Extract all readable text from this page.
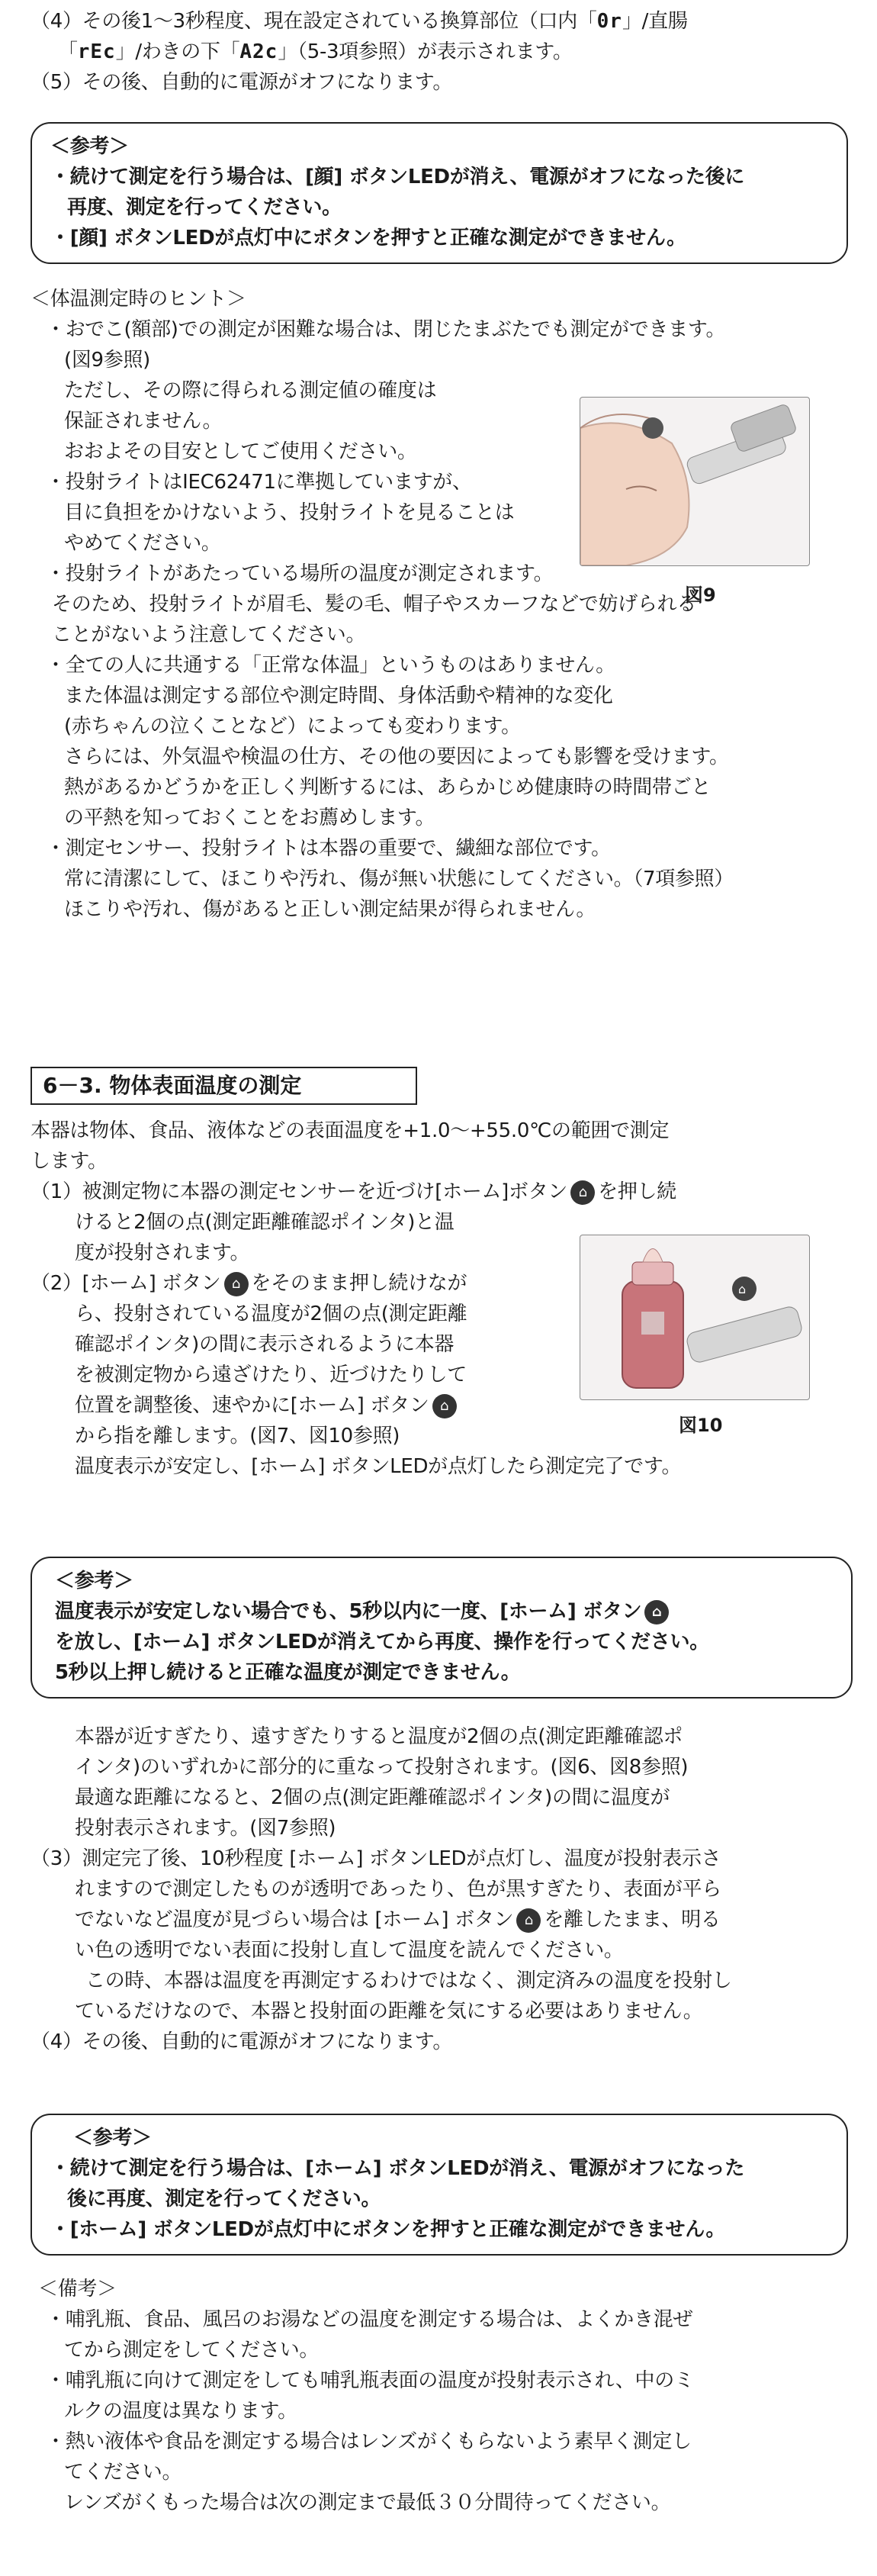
（4）その後1〜3秒程度、現在設定されている換算部位（口内「0r」/直腸
「rEc」/わきの下「A2c」（5-3項参照）が表示されます。
（5）その後、自動的に電源がオフになります。
＜参考＞
・続けて測定を行う場合は、[顔] ボタンLEDが消え、電源がオフになった後に
再度、測定を行ってください。
・[顔] ボタンLEDが点灯中にボタンを押すと正確な測定ができません。
＜体温測定時のヒント＞
・おでこ(額部)での測定が困難な場合は、閉じたまぶたでも測定ができます。
(図9参照)
ただし、その際に得られる測定値の確度は
保証されません。
おおよその目安としてご使用ください。
・投射ライトはIEC62471に準拠していますが、
目に負担をかけないよう、投射ライトを見ることは
やめてください。
・投射ライトがあたっている場所の温度が測定されます。
そのため、投射ライトが眉毛、髪の毛、帽子やスカーフなどで妨げられる
ことがないよう注意してください。
・全ての人に共通する「正常な体温」というものはありません。
また体温は測定する部位や測定時間、身体活動や精神的な変化
(赤ちゃんの泣くことなど）によっても変わります。
さらには、外気温や検温の仕方、その他の要因によっても影響を受けます。
熱があるかどうかを正しく判断するには、あらかじめ健康時の時間帯ごと
の平熱を知っておくことをお薦めします。
・測定センサー、投射ライトは本器の重要で、繊細な部位です。
常に清潔にして、ほこりや汚れ、傷が無い状態にしてください。（7項参照）
ほこりや汚れ、傷があると正しい測定結果が得られません。
図9
6－3. 物体表面温度の測定
本器は物体、食品、液体などの表面温度を+1.0〜+55.0℃の範囲で測定
します。
（1）被測定物に本器の測定センサーを近づけ[ホーム]ボタン ⌂ を押し続
けると2個の点(測定距離確認ポインタ)と温
度が投射されます。
（2）[ホーム] ボタン ⌂ をそのまま押し続けなが
ら、投射されている温度が2個の点(測定距離
確認ポインタ)の間に表示されるように本器
を被測定物から遠ざけたり、近づけたりして
位置を調整後、速やかに[ホーム] ボタン ⌂
から指を離します。(図7、図10参照)
温度表示が安定し、[ホーム] ボタンLEDが点灯したら測定完了です。
⌂
図10
＜参考＞
温度表示が安定しない場合でも、5秒以内に一度、[ホーム] ボタン ⌂
を放し、[ホーム] ボタンLEDが消えてから再度、操作を行ってください。
5秒以上押し続けると正確な温度が測定できません。
本器が近すぎたり、遠すぎたりすると温度が2個の点(測定距離確認ポ
インタ)のいずれかに部分的に重なって投射されます。(図6、図8参照)
最適な距離になると、2個の点(測定距離確認ポインタ)の間に温度が
投射表示されます。(図7参照)
（3）測定完了後、10秒程度 [ホーム] ボタンLEDが点灯し、温度が投射表示さ
れますので測定したものが透明であったり、色が黒すぎたり、表面が平ら
でないなど温度が見づらい場合は [ホーム] ボタン ⌂ を離したまま、明る
い色の透明でない表面に投射し直して温度を読んでください。
この時、本器は温度を再測定するわけではなく、測定済みの温度を投射し
ているだけなので、本器と投射面の距離を気にする必要はありません。
（4）その後、自動的に電源がオフになります。
＜参考＞
・続けて測定を行う場合は、[ホーム] ボタンLEDが消え、電源がオフになった
後に再度、測定を行ってください。
・[ホーム] ボタンLEDが点灯中にボタンを押すと正確な測定ができません。
＜備考＞
・哺乳瓶、食品、風呂のお湯などの温度を測定する場合は、よくかき混ぜ
てから測定をしてください。
・哺乳瓶に向けて測定をしても哺乳瓶表面の温度が投射表示され、中のミ
ルクの温度は異なります。
・熱い液体や食品を測定する場合はレンズがくもらないよう素早く測定し
てください。
レンズがくもった場合は次の測定まで最低３０分間待ってください。
